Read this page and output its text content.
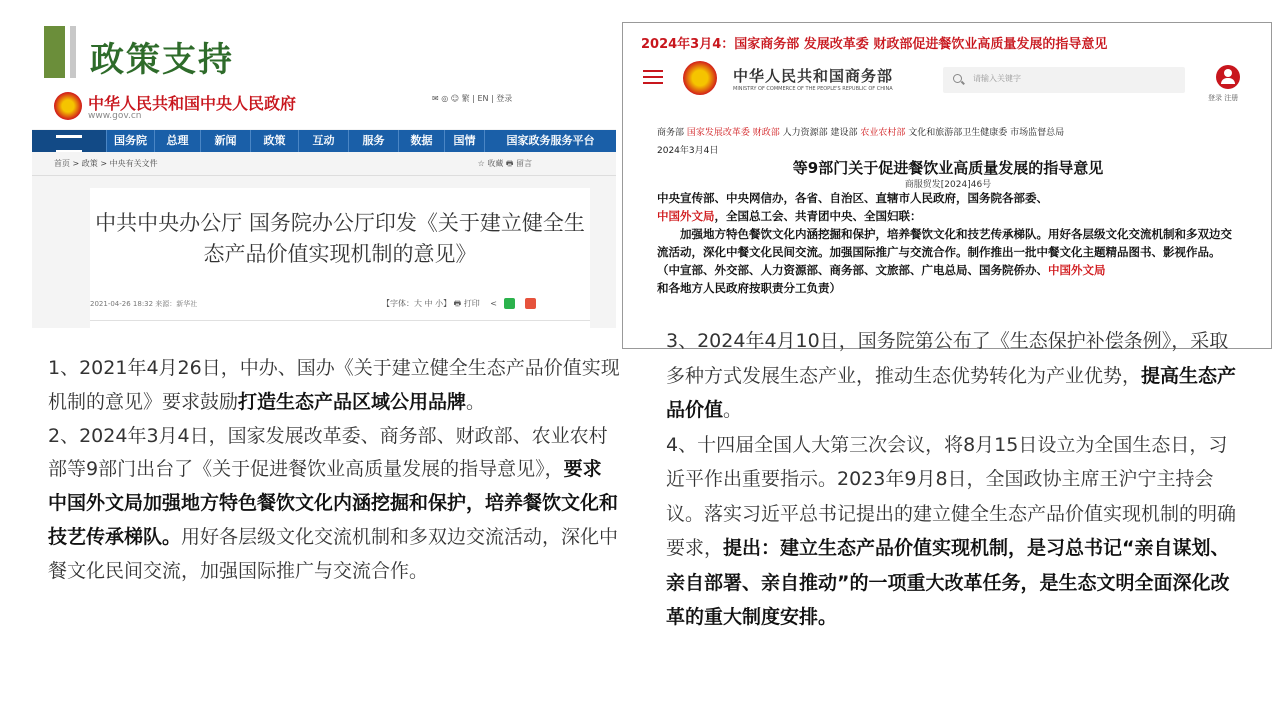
政策支持
中华人民共和国中央人民政府
www.gov.cn
✉ ◎ ☺ 繁 | EN | 登录
国务院	总理	新闻	政策	互动	服务	数据	国情	国家政务服务平台
首页 > 政策 > 中央有关文件	☆ 收藏 🖶 留言
中共中央办公厅 国务院办公厅印发《关于建立健全生
态产品价值实现机制的意见》
2021-04-26 18:32 来源：新华社	【字体：大 中 小】 🖶 打印 <

1、2021年4月26日，中办、国办《关于建立健全生态产品价值实现机制的意见》要求鼓励打造生态产品区域公用品牌。

2、2024年3月4日，国家发展改革委、商务部、财政部、农业农村部等9部门出台了《关于促进餐饮业高质量发展的指导意见》，要求中国外文局加强地方特色餐饮文化内涵挖掘和保护，培养餐饮文化和技艺传承梯队。用好各层级文化交流机制和多双边交流活动，深化中餐文化民间交流，加强国际推广与交流合作。

2024年3月4：国家商务部 发展改革委 财政部促进餐饮业高质量发展的指导意见
中华人民共和国商务部
MINISTRY OF COMMERCE OF THE PEOPLE'S REPUBLIC OF CHINA
请输入关键字
登录 注册
商务部 国家发展改革委 财政部 人力资源部 建设部 农业农村部 文化和旅游部卫生健康委 市场监督总局
2024年3月4日
等9部门关于促进餐饮业高质量发展的指导意见
商服贸发[2024]46号

中央宣传部、中央网信办，各省、自治区、直辖市人民政府，国务院各部委、
中国外文局，全国总工会、共青团中央、全国妇联：

加强地方特色餐饮文化内涵挖掘和保护，培养餐饮文化和技艺传承梯队。用好各层级文化交流机制和多双边交流活动，深化中餐文化民间交流。加强国际推广与交流合作。制作推出一批中餐文化主题精品图书、影视作品。（中宣部、外交部、人力资源部、商务部、文旅部、广电总局、国务院侨办、中国外文局
和各地方人民政府按职责分工负责）

3、2024年4月10日，国务院第公布了《生态保护补偿条例》，采取多种方式发展生态产业，推动生态优势转化为产业优势，提高生态产品价值。

4、十四届全国人大第三次会议，将8月15日设立为全国生态日，习近平作出重要指示。2023年9月8日，全国政协主席王沪宁主持会议。落实习近平总书记提出的建立健全生态产品价值实现机制的明确要求，提出：建立生态产品价值实现机制，是习总书记“亲自谋划、亲自部署、亲自推动”的一项重大改革任务，是生态文明全面深化改革的重大制度安排。
